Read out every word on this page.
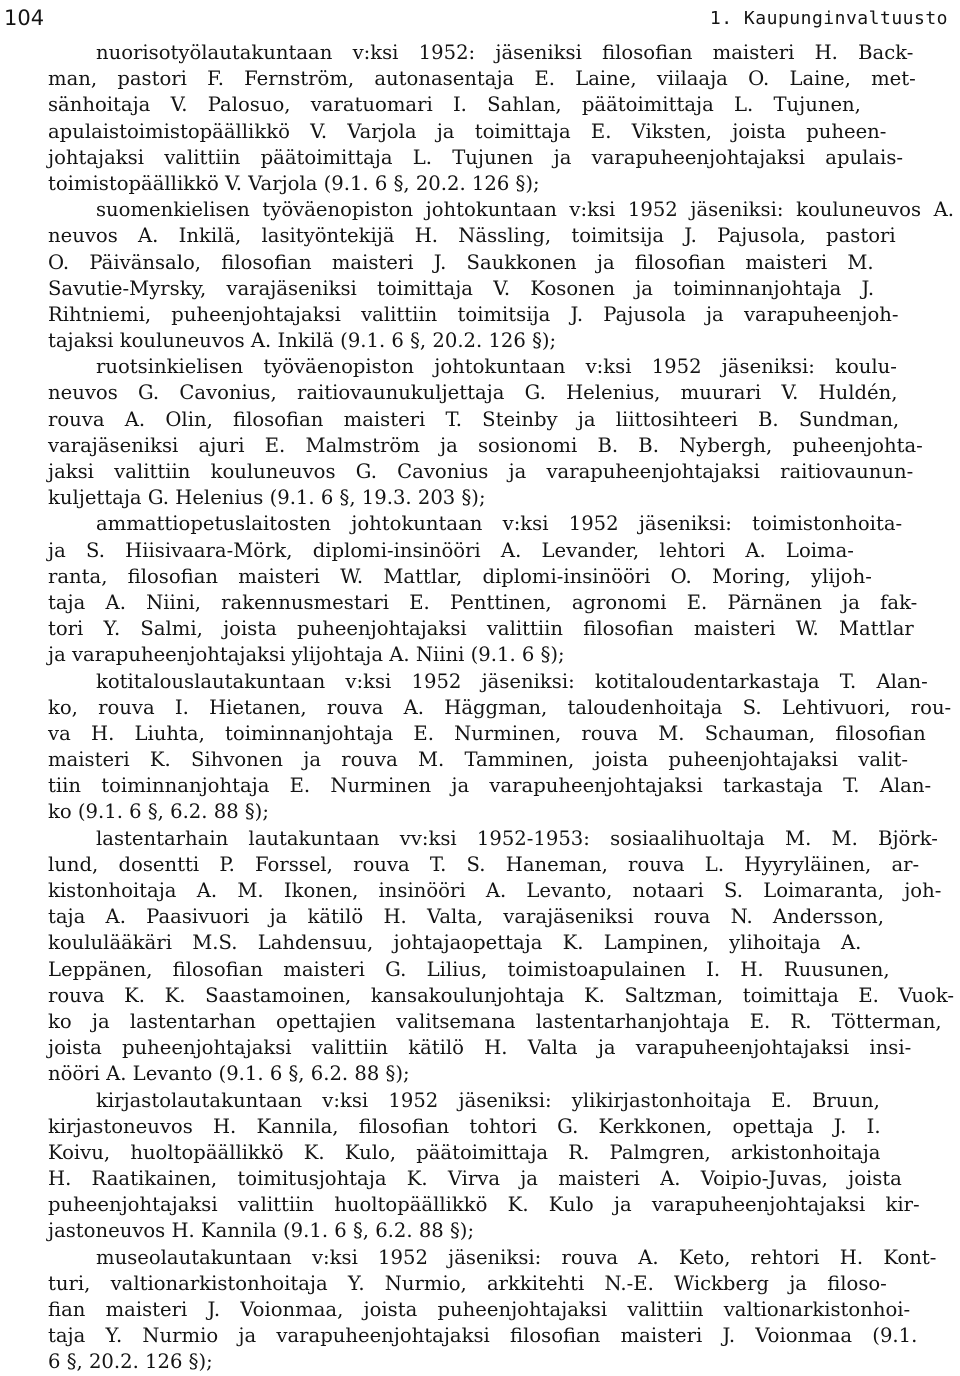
104	1. Kaupunginvaltuusto
nuorisotyölautakuntaan v:ksi 1952: jäseniksi filosofian maisteri H. Back-
man, pastori F. Fernström, autonasentaja E. Laine, viilaaja O. Laine, met-
sänhoitaja V. Palosuo, varatuomari I. Sahlan, päätoimittaja L. Tujunen,
apulaistoimistopäällikkö V. Varjola ja toimittaja E. Viksten, joista puheen-
johtajaksi valittiin päätoimittaja L. Tujunen ja varapuheenjohtajaksi apulais-
toimistopäällikkö V. Varjola (9.1. 6 §, 20.2. 126 §);
suomenkielisen työväenopiston johtokuntaan v:ksi 1952 jäseniksi: kouluneuvos A.
neuvos A. Inkilä, lasityöntekijä H. Nässling, toimitsija J. Pajusola, pastori
O. Päivänsalo, filosofian maisteri J. Saukkonen ja filosofian maisteri M.
Savutie-Myrsky, varajäseniksi toimittaja V. Kosonen ja toiminnanjohtaja J.
Rihtniemi, puheenjohtajaksi valittiin toimitsija J. Pajusola ja varapuheenjoh-
tajaksi kouluneuvos A. Inkilä (9.1. 6 §, 20.2. 126 §);
ruotsinkielisen työväenopiston johtokuntaan v:ksi 1952 jäseniksi: koulu-
neuvos G. Cavonius, raitiovaunukuljettaja G. Helenius, muurari V. Huldén,
rouva A. Olin, filosofian maisteri T. Steinby ja liittosihteeri B. Sundman,
varajäseniksi ajuri E. Malmström ja sosionomi B. B. Nybergh, puheenjohta-
jaksi valittiin kouluneuvos G. Cavonius ja varapuheenjohtajaksi raitiovaunun-
kuljettaja G. Helenius (9.1. 6 §, 19.3. 203 §);
ammattiopetuslaitosten johtokuntaan v:ksi 1952 jäseniksi: toimistonhoita-
ja S. Hiisivaara-Mörk, diplomi-insinööri A. Levander, lehtori A. Loima-
ranta, filosofian maisteri W. Mattlar, diplomi-insinööri O. Moring, ylijoh-
taja A. Niini, rakennusmestari E. Penttinen, agronomi E. Pärnänen ja fak-
tori Y. Salmi, joista puheenjohtajaksi valittiin filosofian maisteri W. Mattlar
ja varapuheenjohtajaksi ylijohtaja A. Niini (9.1. 6 §);
kotitalouslautakuntaan v:ksi 1952 jäseniksi: kotitaloudentarkastaja T. Alan-
ko, rouva I. Hietanen, rouva A. Häggman, taloudenhoitaja S. Lehtivuori, rou-
va H. Liuhta, toiminnanjohtaja E. Nurminen, rouva M. Schauman, filosofian
maisteri K. Sihvonen ja rouva M. Tamminen, joista puheenjohtajaksi valit-
tiin toiminnanjohtaja E. Nurminen ja varapuheenjohtajaksi tarkastaja T. Alan-
ko (9.1. 6 §, 6.2. 88 §);
lastentarhain lautakuntaan vv:ksi 1952-1953: sosiaalihuoltaja M. M. Björk-
lund, dosentti P. Forssel, rouva T. S. Haneman, rouva L. Hyyryläinen, ar-
kistonhoitaja A. M. Ikonen, insinööri A. Levanto, notaari S. Loimaranta, joh-
taja A. Paasivuori ja kätilö H. Valta, varajäseniksi rouva N. Andersson,
koululääkäri M.S. Lahdensuu, johtajaopettaja K. Lampinen, ylihoitaja A.
Leppänen, filosofian maisteri G. Lilius, toimistoapulainen I. H. Ruusunen,
rouva K. K. Saastamoinen, kansakoulunjohtaja K. Saltzman, toimittaja E. Vuok-
ko ja lastentarhan opettajien valitsemana lastentarhanjohtaja E. R. Tötterman,
joista puheenjohtajaksi valittiin kätilö H. Valta ja varapuheenjohtajaksi insi-
nööri A. Levanto (9.1. 6 §, 6.2. 88 §);
kirjastolautakuntaan v:ksi 1952 jäseniksi: ylikirjastonhoitaja E. Bruun,
kirjastoneuvos H. Kannila, filosofian tohtori G. Kerkkonen, opettaja J. I.
Koivu, huoltopäällikkö K. Kulo, päätoimittaja R. Palmgren, arkistonhoitaja
H. Raatikainen, toimitusjohtaja K. Virva ja maisteri A. Voipio-Juvas, joista
puheenjohtajaksi valittiin huoltopäällikkö K. Kulo ja varapuheenjohtajaksi kir-
jastoneuvos H. Kannila (9.1. 6 §, 6.2. 88 §);
museolautakuntaan v:ksi 1952 jäseniksi: rouva A. Keto, rehtori H. Kont-
turi, valtionarkistonhoitaja Y. Nurmio, arkkitehti N.-E. Wickberg ja filoso-
fian maisteri J. Voionmaa, joista puheenjohtajaksi valittiin valtionarkistonhoi-
taja Y. Nurmio ja varapuheenjohtajaksi filosofian maisteri J. Voionmaa (9.1.
6 §, 20.2. 126 §);
